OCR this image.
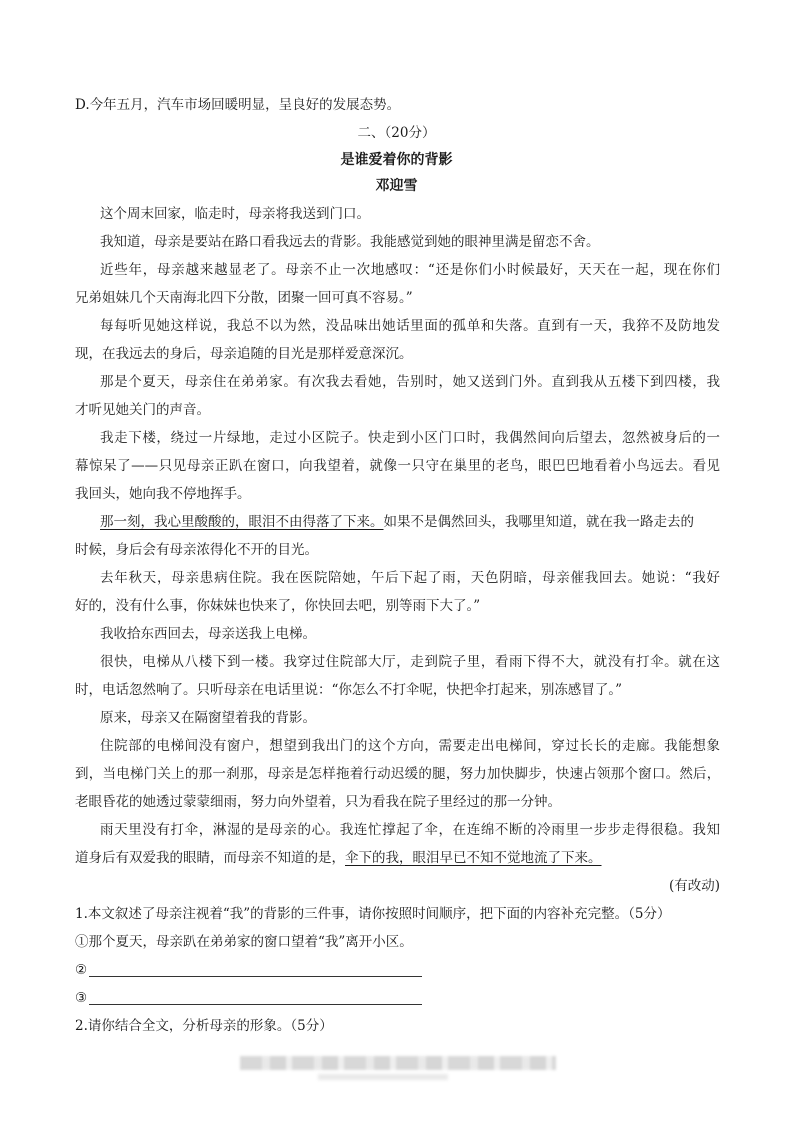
D.今年五月，汽车市场回暖明显，呈良好的发展态势。
二、（20分）
是谁爱着你的背影
邓迎雪
这个周末回家，临走时，母亲将我送到门口。
我知道，母亲是要站在路口看我远去的背影。我能感觉到她的眼神里满是留恋不舍。
近些年，母亲越来越显老了。母亲不止一次地感叹：“还是你们小时候最好，天天在一起，现在你们
兄弟姐妹几个天南海北四下分散，团聚一回可真不容易。”
每每听见她这样说，我总不以为然，没品味出她话里面的孤单和失落。直到有一天，我猝不及防地发
现，在我远去的身后，母亲追随的目光是那样爱意深沉。
那是个夏天，母亲住在弟弟家。有次我去看她，告别时，她又送到门外。直到我从五楼下到四楼，我
才听见她关门的声音。
我走下楼，绕过一片绿地，走过小区院子。快走到小区门口时，我偶然间向后望去，忽然被身后的一
幕惊呆了——只见母亲正趴在窗口，向我望着，就像一只守在巢里的老鸟，眼巴巴地看着小鸟远去。看见
我回头，她向我不停地挥手。
那一刻，我心里酸酸的，眼泪不由得落了下来。如果不是偶然回头，我哪里知道，就在我一路走去的
时候，身后会有母亲浓得化不开的目光。
去年秋天，母亲患病住院。我在医院陪她，午后下起了雨，天色阴暗，母亲催我回去。她说：“我好
好的，没有什么事，你妹妹也快来了，你快回去吧，别等雨下大了。”
我收拾东西回去，母亲送我上电梯。
很快，电梯从八楼下到一楼。我穿过住院部大厅，走到院子里，看雨下得不大，就没有打伞。就在这
时，电话忽然响了。只听母亲在电话里说：“你怎么不打伞呢，快把伞打起来，别冻感冒了。”
原来，母亲又在隔窗望着我的背影。
住院部的电梯间没有窗户，想望到我出门的这个方向，需要走出电梯间，穿过长长的走廊。我能想象
到，当电梯门关上的那一刹那，母亲是怎样拖着行动迟缓的腿，努力加快脚步，快速占领那个窗口。然后，
老眼昏花的她透过蒙蒙细雨，努力向外望着，只为看我在院子里经过的那一分钟。
雨天里没有打伞，淋湿的是母亲的心。我连忙撑起了伞，在连绵不断的冷雨里一步步走得很稳。我知
道身后有双爱我的眼睛，而母亲不知道的是，伞下的我，眼泪早已不知不觉地流了下来。
(有改动)
1.本文叙述了母亲注视着“我”的背影的三件事，请你按照时间顺序，把下面的内容补充完整。（5分）
①那个夏天，母亲趴在弟弟家的窗口望着“我”离开小区。
②
③
2.请你结合全文，分析母亲的形象。（5分）
